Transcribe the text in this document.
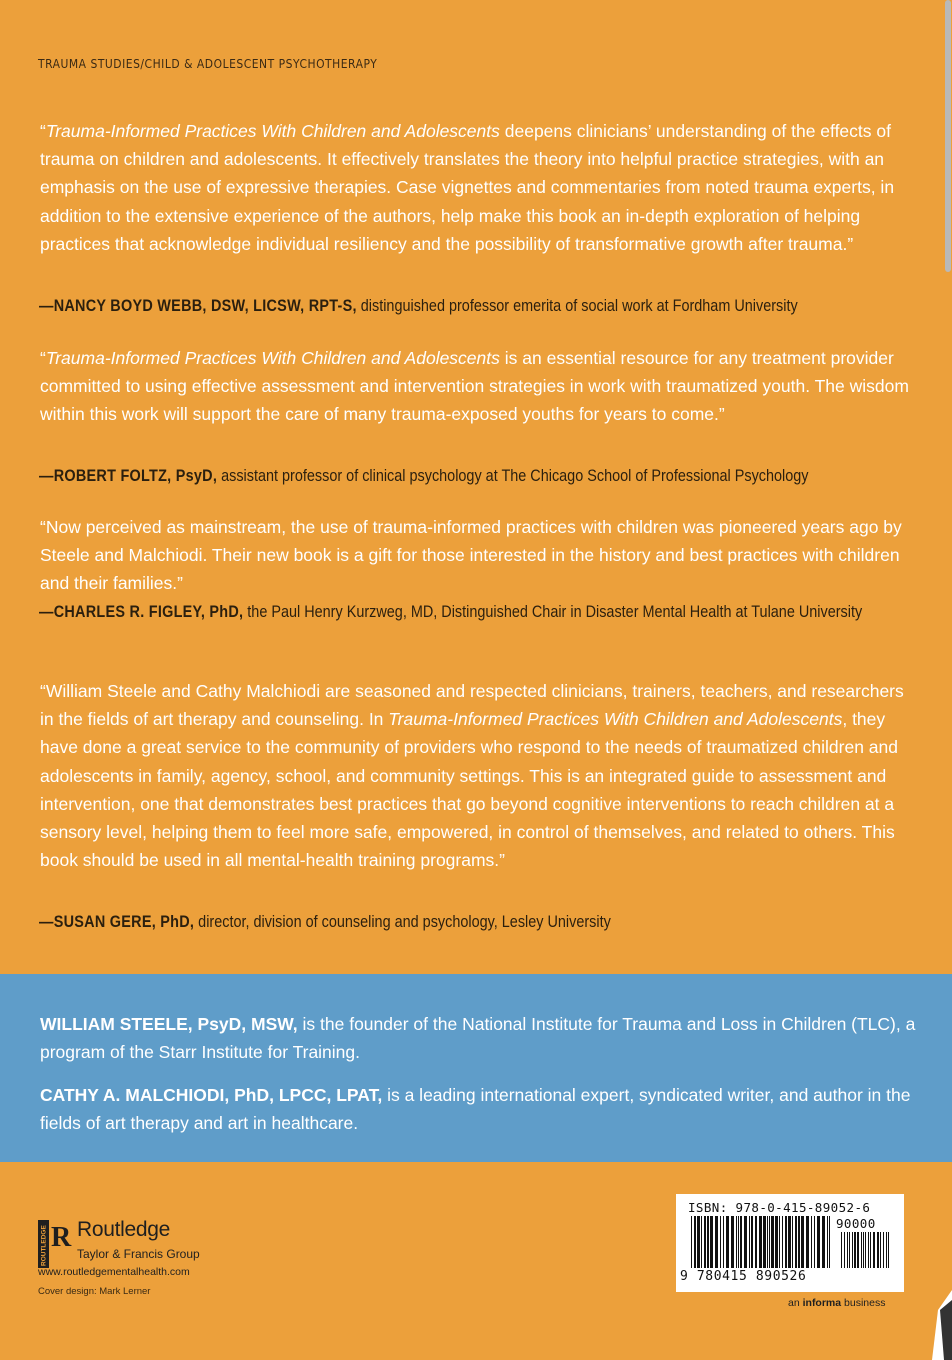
TRAUMA STUDIES/CHILD & ADOLESCENT PSYCHOTHERAPY

“Trauma-Informed Practices With Children and Adolescents deepens clinicians’ understanding of the effects of trauma on children and adolescents. It effectively translates the theory into helpful practice strategies, with an emphasis on the use of expressive therapies. Case vignettes and commentaries from noted trauma experts, in addition to the extensive experience of the authors, help make this book an in-depth exploration of helping practices that acknowledge individual resiliency and the possibility of transformative growth after trauma.”

—NANCY BOYD WEBB, DSW, LICSW, RPT-S, distinguished professor emerita of social work at Fordham University

“Trauma-Informed Practices With Children and Adolescents is an essential resource for any treatment provider committed to using effective assessment and intervention strategies in work with traumatized youth. The wisdom within this work will support the care of many trauma-exposed youths for years to come.”

—ROBERT FOLTZ, PsyD, assistant professor of clinical psychology at The Chicago School of Professional Psychology

“Now perceived as mainstream, the use of trauma-informed practices with children was pioneered years ago by Steele and Malchiodi. Their new book is a gift for those interested in the history and best practices with children and their families.”

—CHARLES R. FIGLEY, PhD, the Paul Henry Kurzweg, MD, Distinguished Chair in Disaster Mental Health at Tulane University

“William Steele and Cathy Malchiodi are seasoned and respected clinicians, trainers, teachers, and researchers in the fields of art therapy and counseling. In Trauma-Informed Practices With Children and Adolescents, they have done a great service to the community of providers who respond to the needs of traumatized children and adolescents in family, agency, school, and community settings. This is an integrated guide to assessment and intervention, one that demonstrates best practices that go beyond cognitive interventions to reach children at a sensory level, helping them to feel more safe, empowered, in control of themselves, and related to others. This book should be used in all mental-health training programs.”

—SUSAN GERE, PhD, director, division of counseling and psychology, Lesley University

WILLIAM STEELE, PsyD, MSW, is the founder of the National Institute for Trauma and Loss in Children (TLC), a program of the Starr Institute for Training.

CATHY A. MALCHIODI, PhD, LPCC, LPAT, is a leading international expert, syndicated writer, and author in the fields of art therapy and art in healthcare.

ROUTLEDGE R Routledge
Taylor & Francis Group
www.routledgementalhealth.com
Cover design: Mark Lerner
ISBN: 978-0-415-89052-6
90000
9 780415 890526
an informa business
